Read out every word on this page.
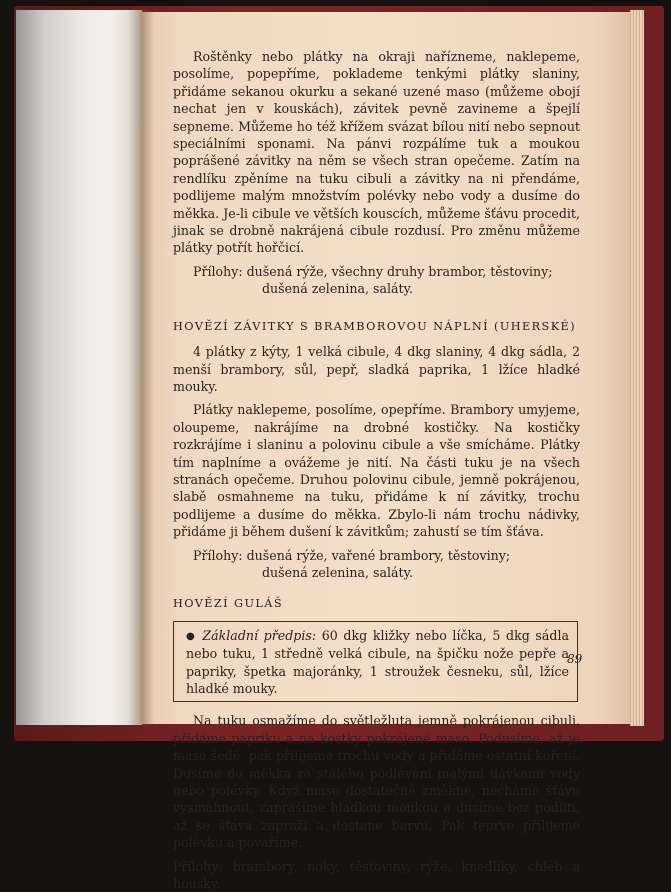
Roštěnky nebo plátky na okraji nařízneme, naklepeme, posolíme, popepříme, poklademe tenkými plátky slaniny, přidáme sekanou okurku a sekané uzené maso (můžeme obojí nechat jen v kouskách), závitek pevně zavineme a špejlí sepneme. Můžeme ho též křížem svázat bílou nití nebo sepnout speciálními sponami. Na pánvi rozpálíme tuk a moukou poprášené závitky na něm se všech stran opečeme. Zatím na rendlíku zpěníme na tuku cibuli a závitky na ni přendáme, podlijeme malým množstvím polévky nebo vody a dusíme do měkka. Je-li cibule ve větších kouscích, můžeme šťávu procedit, jinak se drobně nakrájená cibule rozdusí. Pro změnu můžeme plátky potřít hořčicí.

Přílohy: dušená rýže, všechny druhy brambor, těstoviny;
dušená zelenina, saláty.

HOVĚZÍ ZÁVITKY S BRAMBOROVOU NÁPLNÍ (UHERSKÉ)

4 plátky z kýty, 1 velká cibule, 4 dkg slaniny, 4 dkg sádla, 2 menší brambory, sůl, pepř, sladká paprika, 1 lžíce hladké mouky.

Plátky naklepeme, posolíme, opepříme. Brambory umyjeme, oloupeme, nakrájíme na drobné kostičky. Na kostičky rozkrájíme i slaninu a polovinu cibule a vše smícháme. Plátky tím naplníme a ovážeme je nití. Na části tuku je na všech stranách opečeme. Druhou polovinu cibule, jemně pokrájenou, slabě osmahneme na tuku, přidáme k ní závitky, trochu podlijeme a dusíme do měkka. Zbylo-li nám trochu nádivky, přidáme ji během dušení k závitkům; zahustí se tím šťáva.

Přílohy: dušená rýže, vařené brambory, těstoviny;
dušená zelenina, saláty.

HOVĚZÍ GULÁŠ

● Základní předpis: 60 dkg kližky nebo líčka, 5 dkg sádla nebo tuku, 1 středně velká cibule, na špičku nože pepře a papriky, špetka majoránky, 1 stroužek česneku, sůl, lžíce hladké mouky.

Na tuku osmažíme do světležluta jemně pokrájenou cibuli, přidáme papriku a na kostky pokrájené maso. Podusíme, až je maso šedé, pak přilijeme trochu vody a přidáme ostatní koření. Dusíme do měkka za stálého podlévání malými dávkami vody nebo polévky. Když maso dostatečně změkne, necháme šťávu vysmahnout, zaprášíme hladkou moukou a dusíme bez podlití, až se šťáva zapraží a dostane barvu. Pak teprve přilijeme polévku a povaříme.

Přílohy: brambory, noky, těstoviny, rýže, knedlíky, chléb a housky.

89
